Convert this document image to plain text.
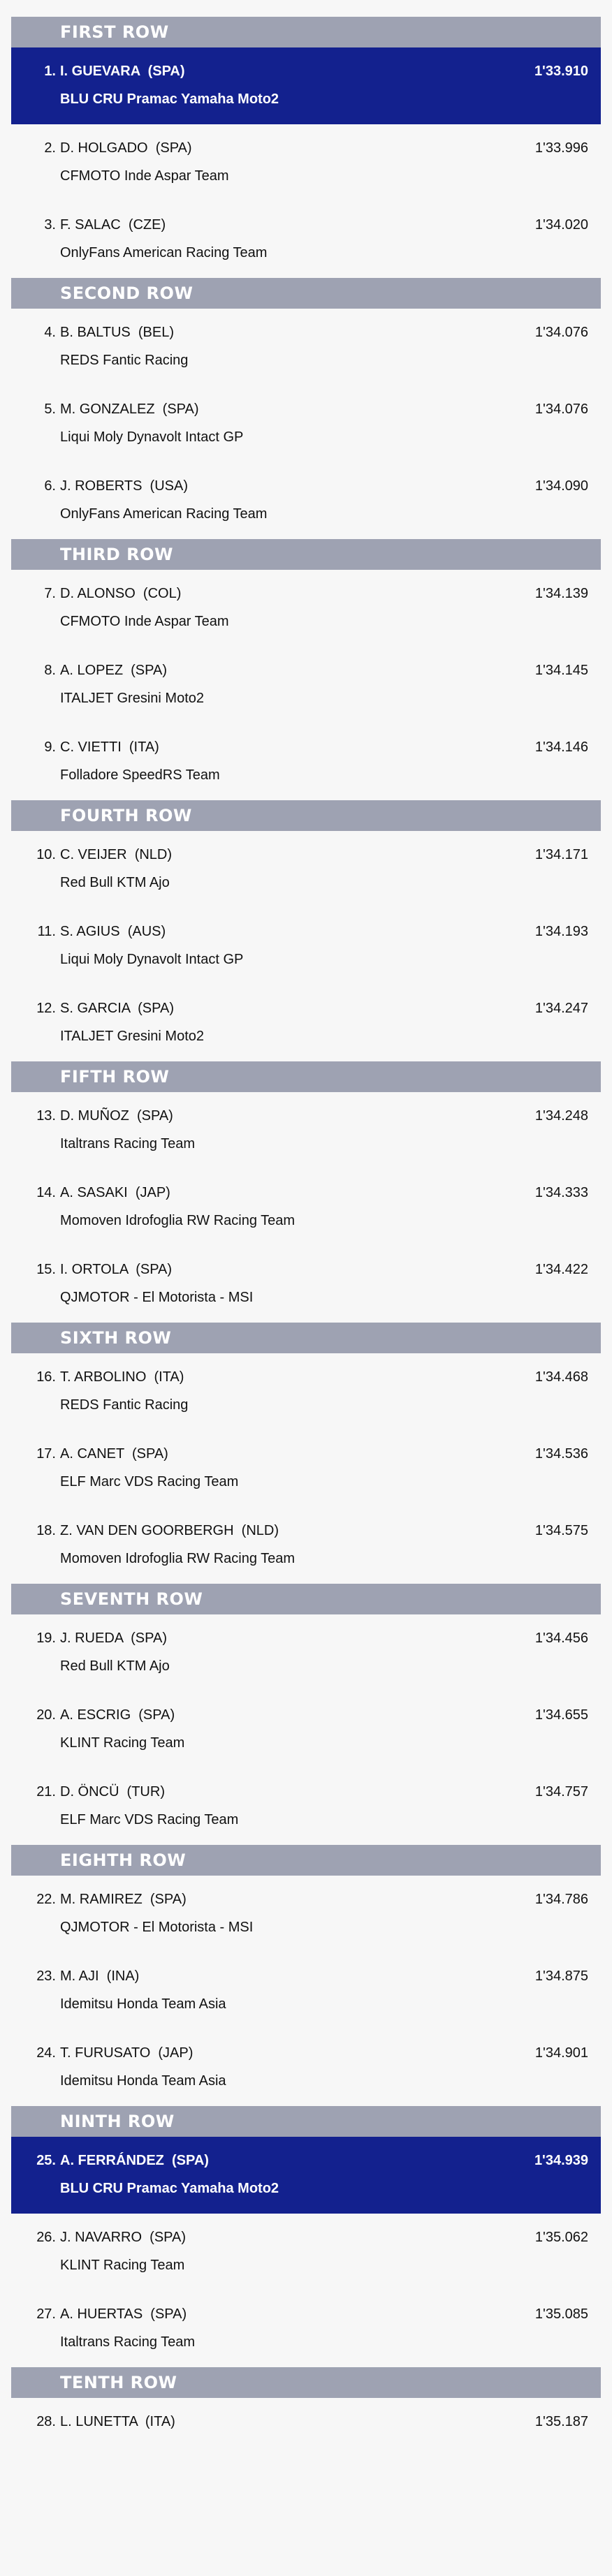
FIRST ROW
1. I. GUEVARA  (SPA)	1'33.910
BLU CRU Pramac Yamaha Moto2
2. D. HOLGADO  (SPA)	1'33.996
CFMOTO Inde Aspar Team
3. F. SALAC  (CZE)	1'34.020
OnlyFans American Racing Team
SECOND ROW
4. B. BALTUS  (BEL)	1'34.076
REDS Fantic Racing
5. M. GONZALEZ  (SPA)	1'34.076
Liqui Moly Dynavolt Intact GP
6. J. ROBERTS  (USA)	1'34.090
OnlyFans American Racing Team
THIRD ROW
7. D. ALONSO  (COL)	1'34.139
CFMOTO Inde Aspar Team
8. A. LOPEZ  (SPA)	1'34.145
ITALJET Gresini Moto2
9. C. VIETTI  (ITA)	1'34.146
Folladore SpeedRS Team
FOURTH ROW
10. C. VEIJER  (NLD)	1'34.171
Red Bull KTM Ajo
11. S. AGIUS  (AUS)	1'34.193
Liqui Moly Dynavolt Intact GP
12. S. GARCIA  (SPA)	1'34.247
ITALJET Gresini Moto2
FIFTH ROW
13. D. MUÑOZ  (SPA)	1'34.248
Italtrans Racing Team
14. A. SASAKI  (JAP)	1'34.333
Momoven Idrofoglia RW Racing Team
15. I. ORTOLA  (SPA)	1'34.422
QJMOTOR - El Motorista - MSI
SIXTH ROW
16. T. ARBOLINO  (ITA)	1'34.468
REDS Fantic Racing
17. A. CANET  (SPA)	1'34.536
ELF Marc VDS Racing Team
18. Z. VAN DEN GOORBERGH  (NLD)	1'34.575
Momoven Idrofoglia RW Racing Team
SEVENTH ROW
19. J. RUEDA  (SPA)	1'34.456
Red Bull KTM Ajo
20. A. ESCRIG  (SPA)	1'34.655
KLINT Racing Team
21. D. ÖNCÜ  (TUR)	1'34.757
ELF Marc VDS Racing Team
EIGHTH ROW
22. M. RAMIREZ  (SPA)	1'34.786
QJMOTOR - El Motorista - MSI
23. M. AJI  (INA)	1'34.875
Idemitsu Honda Team Asia
24. T. FURUSATO  (JAP)	1'34.901
Idemitsu Honda Team Asia
NINTH ROW
25. A. FERRÁNDEZ  (SPA)	1'34.939
BLU CRU Pramac Yamaha Moto2
26. J. NAVARRO  (SPA)	1'35.062
KLINT Racing Team
27. A. HUERTAS  (SPA)	1'35.085
Italtrans Racing Team
TENTH ROW
28. L. LUNETTA  (ITA)	1'35.187
